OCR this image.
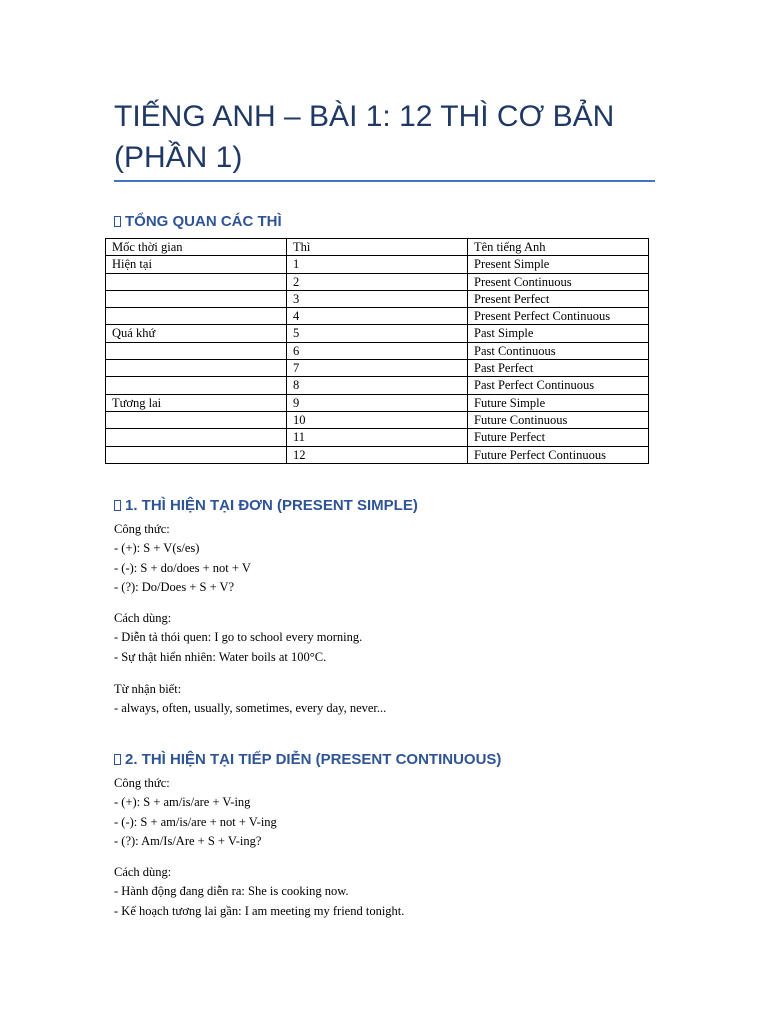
TIẾNG ANH – BÀI 1: 12 THÌ CƠ BẢN (PHẦN 1)
TỔNG QUAN CÁC THÌ
Mốc thời gian	Thì	Tên tiếng Anh
Hiện tại	1	Present Simple
	2	Present Continuous
	3	Present Perfect
	4	Present Perfect Continuous
Quá khứ	5	Past Simple
	6	Past Continuous
	7	Past Perfect
	8	Past Perfect Continuous
Tương lai	9	Future Simple
	10	Future Continuous
	11	Future Perfect
	12	Future Perfect Continuous
1. THÌ HIỆN TẠI ĐƠN (PRESENT SIMPLE)

Công thức:

- (+): S + V(s/es)

- (-): S + do/does + not + V

- (?): Do/Does + S + V?

Cách dùng:

- Diễn tả thói quen: I go to school every morning.

- Sự thật hiển nhiên: Water boils at 100°C.

Từ nhận biết:

- always, often, usually, sometimes, every day, never...

2. THÌ HIỆN TẠI TIẾP DIỄN (PRESENT CONTINUOUS)

Công thức:

- (+): S + am/is/are + V-ing

- (-): S + am/is/are + not + V-ing

- (?): Am/Is/Are + S + V-ing?

Cách dùng:

- Hành động đang diễn ra: She is cooking now.

- Kế hoạch tương lai gần: I am meeting my friend tonight.
